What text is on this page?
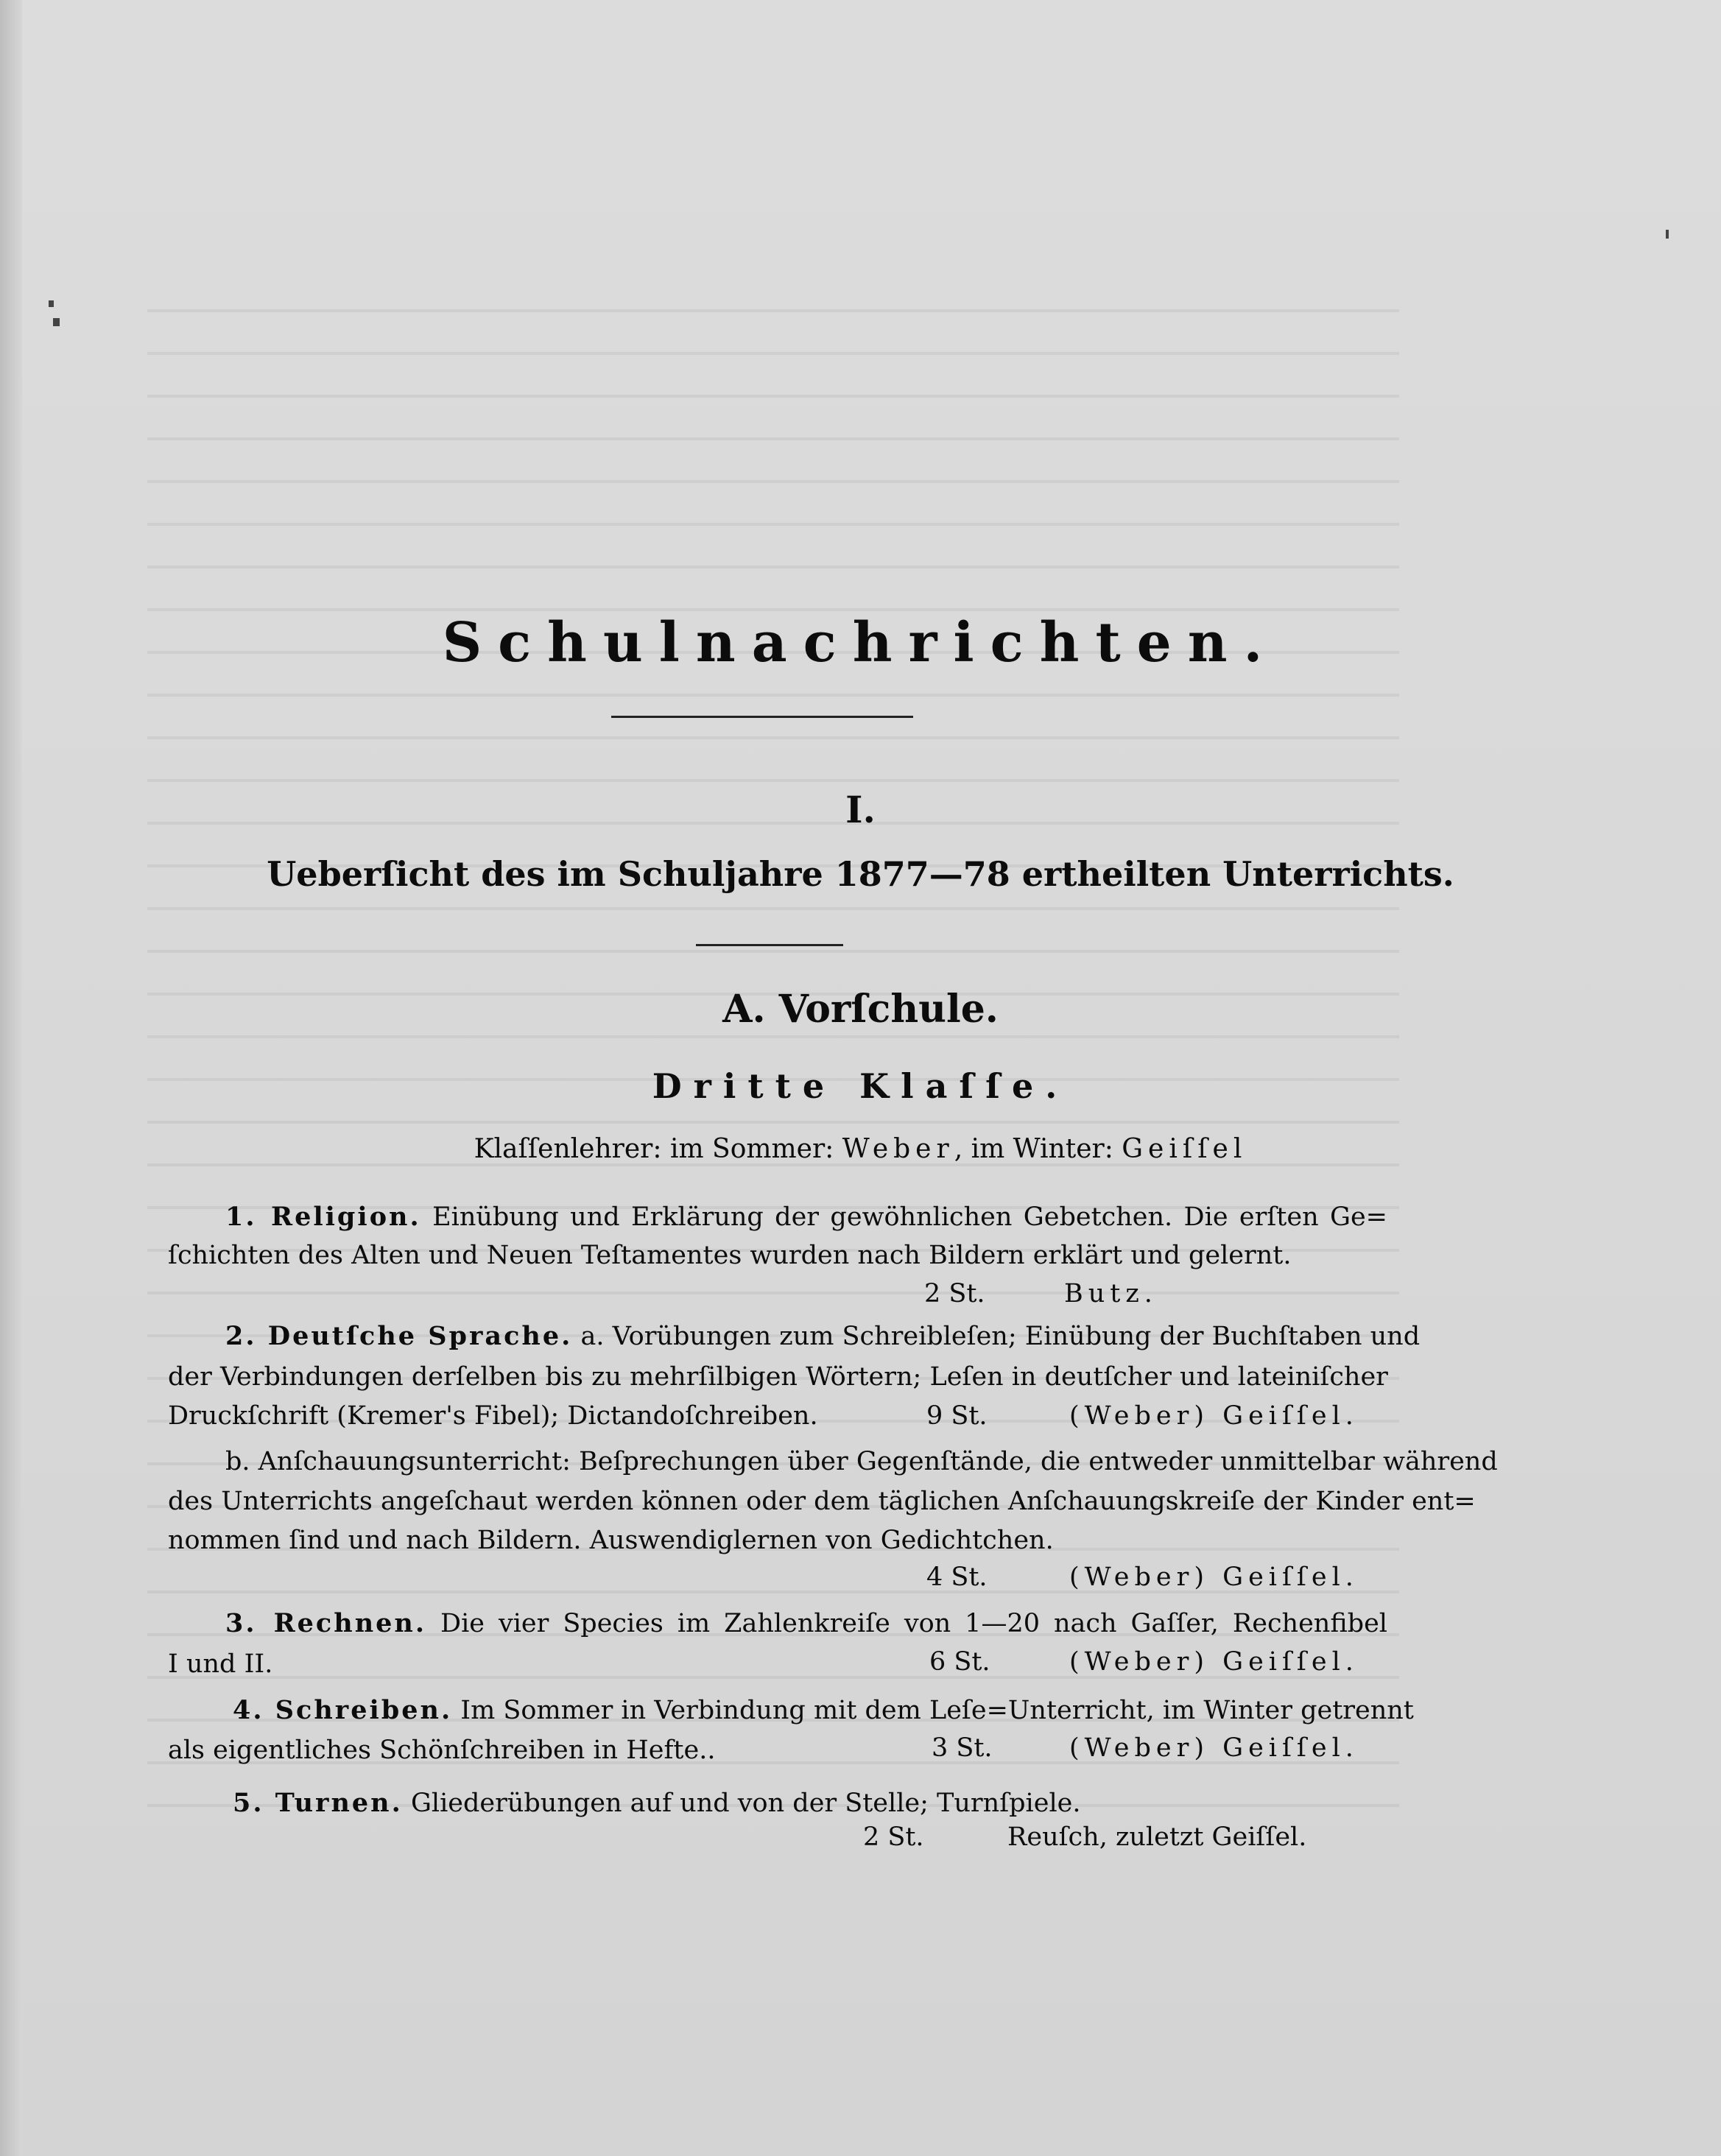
Schulnachrichten.
I.
Ueberſicht des im Schuljahre 1877—78 ertheilten Unterrichts.
A. Vorſchule.
Dritte Klaſſe.
Klaſſenlehrer: im Sommer: Weber, im Winter: Geiſſel
1. Religion. Einübung und Erklärung der gewöhnlichen Gebetchen. Die erſten Ge=
ſchichten des Alten und Neuen Teſtamentes wurden nach Bildern erklärt und gelernt.
2 St.	Butz.
2. Deutſche Sprache. a. Vorübungen zum Schreibleſen; Einübung der Buchſtaben und
der Verbindungen derſelben bis zu mehrſilbigen Wörtern; Leſen in deutſcher und lateiniſcher
Druckſchrift (Kremer's Fibel); Dictandoſchreiben.	9 St.	(Weber) Geiſſel.
b. Anſchauungsunterricht: Beſprechungen über Gegenſtände, die entweder unmittelbar während
des Unterrichts angeſchaut werden können oder dem täglichen Anſchauungskreiſe der Kinder ent=
nommen ſind und nach Bildern. Auswendiglernen von Gedichtchen.
4 St.	(Weber) Geiſſel.
3. Rechnen. Die vier Species im Zahlenkreiſe von 1—20 nach Gaſſer, Rechenfibel
I und II.	6 St.	(Weber) Geiſſel.
4. Schreiben. Im Sommer in Verbindung mit dem Leſe=Unterricht, im Winter getrennt
als eigentliches Schönſchreiben in Hefte..	3 St.	(Weber) Geiſſel.
5. Turnen. Gliederübungen auf und von der Stelle; Turnſpiele.
2 St.	Reuſch, zuletzt Geiſſel.
